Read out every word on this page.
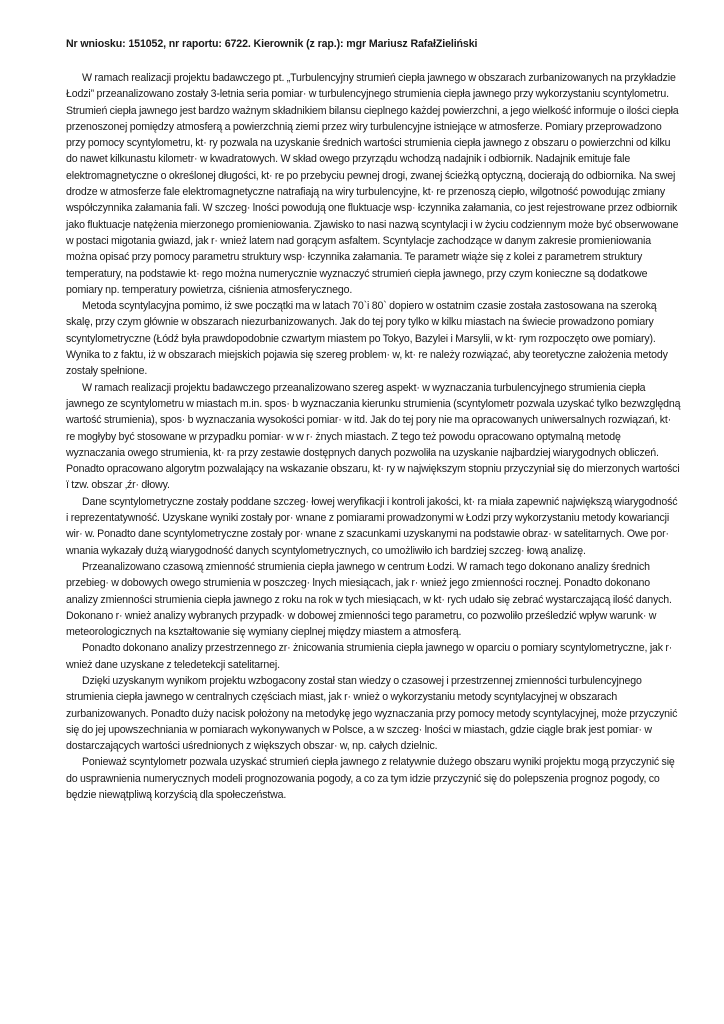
Nr wniosku: 151052, nr raportu: 6722. Kierownik (z rap.): mgr Mariusz RafałZieliński

W ramach realizacji projektu badawczego pt. „Turbulencyjny strumień ciepła jawnego w obszarach zurbanizowanych na przykładzie Łodzi” przeanalizowano zostały 3-letnia seria pomiar· w turbulencyjnego strumienia ciepła jawnego przy wykorzystaniu scyntylometru. Strumień ciepła jawnego jest bardzo ważnym składnikiem bilansu cieplnego każdej powierzchni, a jego wielkość informuje o ilości ciepła przenoszonej pomiędzy atmosferą a powierzchnią ziemi przez wiry turbulencyjne istniejące w atmosferze. Pomiary przeprowadzono przy pomocy scyntylometru, kt· ry pozwala na uzyskanie średnich wartości strumienia ciepła jawnego z obszaru o powierzchni od kilku do nawet kilkunastu kilometr· w kwadratowych. W skład owego przyrządu wchodzą nadajnik i odbiornik. Nadajnik emituje fale elektromagnetyczne o określonej długości, kt· re po przebyciu pewnej drogi, zwanej ścieżką optyczną, docierają do odbiornika. Na swej drodze w atmosferze fale elektromagnetyczne natrafiają na wiry turbulencyjne, kt· re przenoszą ciepło, wilgotność powodując zmiany współczynnika załamania fali. W szczeg· lności powodują one fluktuacje wsp· łczynnika załamania, co jest rejestrowane przez odbiornik jako fluktuacje natężenia mierzonego promieniowania. Zjawisko to nasi nazwą scyntylacji i w życiu codziennym może być obserwowane w postaci migotania gwiazd, jak r· wnież latem nad gorącym asfaltem. Scyntylacje zachodzące w danym zakresie promieniowania można opisać przy pomocy parametru struktury wsp· łczynnika załamania. Te parametr wiąże się z kolei z parametrem struktury temperatury, na podstawie kt· rego można numerycznie wyznaczyć strumień ciepła jawnego, przy czym konieczne są dodatkowe pomiary np. temperatury powietrza, ciśnienia atmosferycznego.

Metoda scyntylacyjna pomimo, iż swe początki ma w latach 70`i 80` dopiero w ostatnim czasie została zastosowana na szeroką skalę, przy czym głównie w obszarach niezurbanizowanych. Jak do tej pory tylko w kilku miastach na świecie prowadzono pomiary scyntylometryczne (Łódź była prawdopodobnie czwartym miastem po Tokyo, Bazylei i Marsylii, w kt· rym rozpoczęto owe pomiary). Wynika to z faktu, iż w obszarach miejskich pojawia się szereg problem· w, kt· re należy rozwiązać, aby teoretyczne założenia metody zostały spełnione.

W ramach realizacji projektu badawczego przeanalizowano szereg aspekt· w wyznaczania turbulencyjnego strumienia ciepła jawnego ze scyntylometru w miastach m.in. spos· b wyznaczania kierunku strumienia (scyntylometr pozwala uzyskać tylko bezwzględną wartość strumienia), spos· b wyznaczania wysokości pomiar· w itd. Jak do tej pory nie ma opracowanych uniwersalnych rozwiązań, kt· re mogłyby być stosowane w przypadku pomiar· w w r· żnych miastach. Z tego też powodu opracowano optymalną metodę wyznaczania owego strumienia, kt· ra przy zestawie dostępnych danych pozwoliła na uzyskanie najbardziej wiarygodnych obliczeń. Ponadto opracowano algorytm pozwalający na wskazanie obszaru, kt· ry w największym stopniu przyczyniał się do mierzonych wartości ï tzw. obszar ‚źr· dłowy.

Dane scyntylometryczne zostały poddane szczeg· łowej weryfikacji i kontroli jakości, kt· ra miała zapewnić największą wiarygodność i reprezentatywność. Uzyskane wyniki zostały por· wnane z pomiarami prowadzonymi w Łodzi przy wykorzystaniu metody kowariancji wir· w. Ponadto dane scyntylometryczne zostały por· wnane z szacunkami uzyskanymi na podstawie obraz· w satelitarnych. Owe por· wnania wykazały dużą wiarygodność danych scyntylometrycznych, co umożliwiło ich bardziej szczeg· łową analizę.

Przeanalizowano czasową zmienność strumienia ciepła jawnego w centrum Łodzi. W ramach tego dokonano analizy średnich przebieg· w dobowych owego strumienia w poszczeg· lnych miesiącach, jak r· wnież jego zmienności rocznej. Ponadto dokonano analizy zmienności strumienia ciepła jawnego z roku na rok w tych miesiącach, w kt· rych udało się zebrać wystarczającą ilość danych. Dokonano r· wnież analizy wybranych przypadk· w dobowej zmienności tego parametru, co pozwoliło prześledzić wpływ warunk· w meteorologicznych na kształtowanie się wymiany cieplnej między miastem a atmosferą.

Ponadto dokonano analizy przestrzennego zr· żnicowania strumienia ciepła jawnego w oparciu o pomiary scyntylometryczne, jak r· wnież dane uzyskane z teledetekcji satelitarnej.

Dzięki uzyskanym wynikom projektu wzbogacony został stan wiedzy o czasowej i przestrzennej zmienności turbulencyjnego strumienia ciepła jawnego w centralnych częściach miast, jak r· wnież o wykorzystaniu metody scyntylacyjnej w obszarach zurbanizowanych. Ponadto duży nacisk położony na metodykę jego wyznaczania przy pomocy metody scyntylacyjnej, może przyczynić się do jej upowszechniania w pomiarach wykonywanych w Polsce, a w szczeg· lności w miastach, gdzie ciągle brak jest pomiar· w dostarczających wartości uśrednionych z większych obszar· w, np. całych dzielnic.

Ponieważ scyntylometr pozwala uzyskać strumień ciepła jawnego z relatywnie dużego obszaru wyniki projektu mogą przyczynić się do usprawnienia numerycznych modeli prognozowania pogody, a co za tym idzie przyczynić się do polepszenia prognoz pogody, co będzie niewątpliwą korzyścią dla społeczeństwa.
